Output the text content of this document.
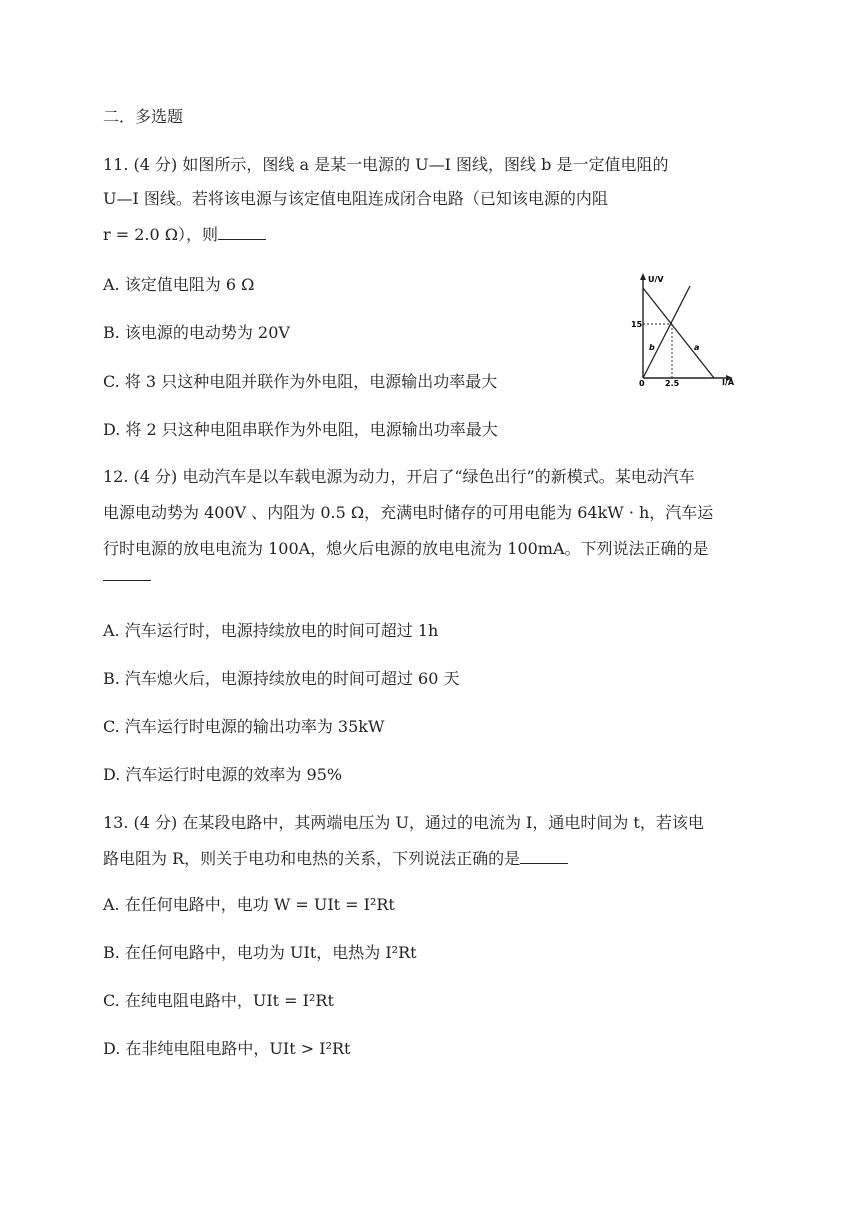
二．多选题
11. (4 分) 如图所示，图线 a 是某一电源的 U—I 图线，图线 b 是一定值电阻的
U—I 图线。若将该电源与该定值电阻连成闭合电路（已知该电源的内阻
r = 2.0 Ω），则
A. 该定值电阻为 6 Ω
B. 该电源的电动势为 20V
C. 将 3 只这种电阻并联作为外电阻，电源输出功率最大
D. 将 2 只这种电阻串联作为外电阻，电源输出功率最大
U/V
I/A
15
2.5
0
a
b
12. (4 分) 电动汽车是以车载电源为动力，开启了“绿色出行”的新模式。某电动汽车
电源电动势为 400V 、内阻为 0.5 Ω，充满电时储存的可用电能为 64kW · h，汽车运
行时电源的放电电流为 100A，熄火后电源的放电电流为 100mA。下列说法正确的是
A. 汽车运行时，电源持续放电的时间可超过 1h
B. 汽车熄火后，电源持续放电的时间可超过 60 天
C. 汽车运行时电源的输出功率为 35kW
D. 汽车运行时电源的效率为 95%
13. (4 分) 在某段电路中，其两端电压为 U，通过的电流为 I，通电时间为 t，若该电
路电阻为 R，则关于电功和电热的关系，下列说法正确的是
A. 在任何电路中，电功 W = UIt = I²Rt
B. 在任何电路中，电功为 UIt，电热为 I²Rt
C. 在纯电阻电路中，UIt = I²Rt
D. 在非纯电阻电路中，UIt > I²Rt
